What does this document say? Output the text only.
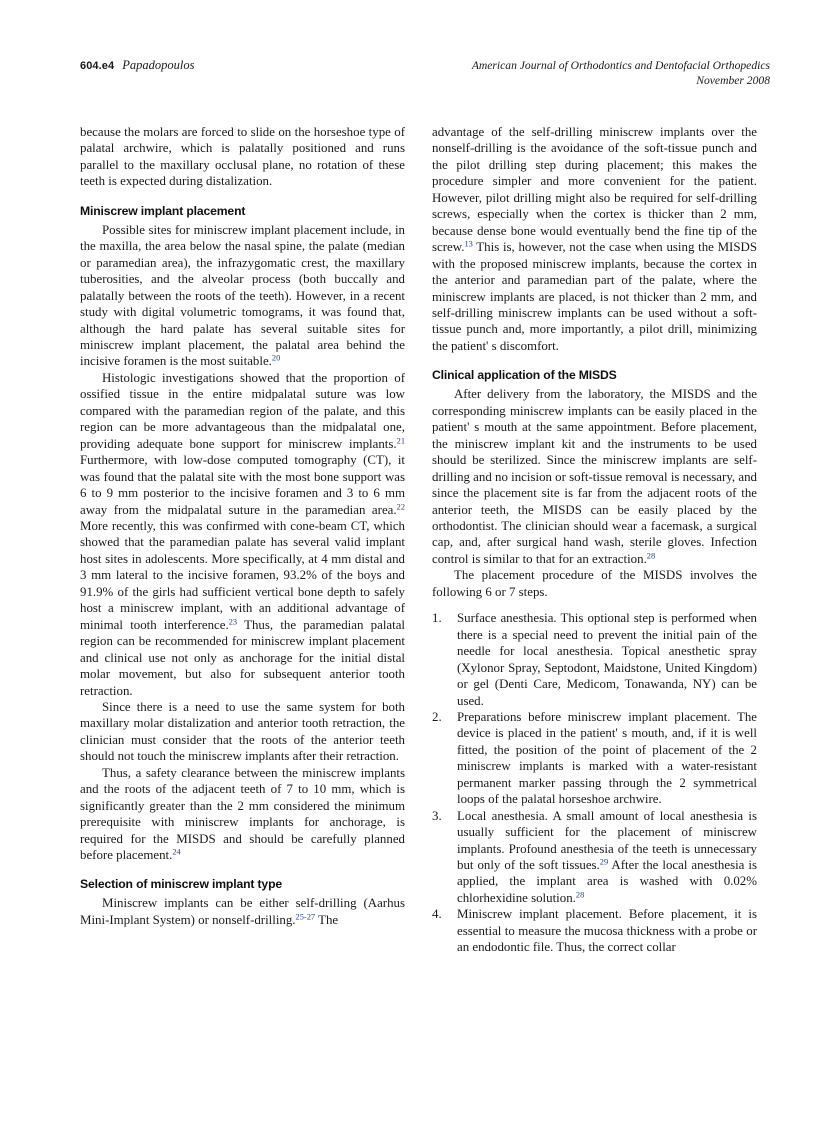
604.e4 Papadopoulos	American Journal of Orthodontics and Dentofacial Orthopedics
November 2008

because the molars are forced to slide on the horseshoe type of palatal archwire, which is palatally positioned and runs parallel to the maxillary occlusal plane, no rotation of these teeth is expected during distalization.

Miniscrew implant placement

Possible sites for miniscrew implant placement include, in the maxilla, the area below the nasal spine, the palate (median or paramedian area), the infrazygomatic crest, the maxillary tuberosities, and the alveolar process (both buccally and palatally between the roots of the teeth). However, in a recent study with digital volumetric tomograms, it was found that, although the hard palate has several suitable sites for miniscrew implant placement, the palatal area behind the incisive foramen is the most suitable.$^{20}$

Histologic investigations showed that the proportion of ossified tissue in the entire midpalatal suture was low compared with the paramedian region of the palate, and this region can be more advantageous than the midpalatal one, providing adequate bone support for miniscrew implants.$^{21}$ Furthermore, with low-dose computed tomography (CT), it was found that the palatal site with the most bone support was 6 to 9 mm posterior to the incisive foramen and 3 to 6 mm away from the midpalatal suture in the paramedian area.$^{22}$ More recently, this was confirmed with cone-beam CT, which showed that the paramedian palate has several valid implant host sites in adolescents. More specifically, at 4 mm distal and 3 mm lateral to the incisive foramen, 93.2% of the boys and 91.9% of the girls had sufficient vertical bone depth to safely host a miniscrew implant, with an additional advantage of minimal tooth interference.$^{23}$ Thus, the paramedian palatal region can be recommended for miniscrew implant placement and clinical use not only as anchorage for the initial distal molar movement, but also for subsequent anterior tooth retraction.

Since there is a need to use the same system for both maxillary molar distalization and anterior tooth retraction, the clinician must consider that the roots of the anterior teeth should not touch the miniscrew implants after their retraction.

Thus, a safety clearance between the miniscrew implants and the roots of the adjacent teeth of 7 to 10 mm, which is significantly greater than the 2 mm considered the minimum prerequisite with miniscrew implants for anchorage, is required for the MISDS and should be carefully planned before placement.$^{24}$

Selection of miniscrew implant type

Miniscrew implants can be either self-drilling (Aarhus Mini-Implant System) or nonself-drilling.$^{25-27}$ The

advantage of the self-drilling miniscrew implants over the nonself-drilling is the avoidance of the soft-tissue punch and the pilot drilling step during placement; this makes the procedure simpler and more convenient for the patient. However, pilot drilling might also be required for self-drilling screws, especially when the cortex is thicker than 2 mm, because dense bone would eventually bend the fine tip of the screw.$^{13}$ This is, however, not the case when using the MISDS with the proposed miniscrew implants, because the cortex in the anterior and paramedian part of the palate, where the miniscrew implants are placed, is not thicker than 2 mm, and self-drilling miniscrew implants can be used without a soft-tissue punch and, more importantly, a pilot drill, minimizing the patient' s discomfort.

Clinical application of the MISDS

After delivery from the laboratory, the MISDS and the corresponding miniscrew implants can be easily placed in the patient' s mouth at the same appointment. Before placement, the miniscrew implant kit and the instruments to be used should be sterilized. Since the miniscrew implants are self-drilling and no incision or soft-tissue removal is necessary, and since the placement site is far from the adjacent roots of the anterior teeth, the MISDS can be easily placed by the orthodontist. The clinician should wear a facemask, a surgical cap, and, after surgical hand wash, sterile gloves. Infection control is similar to that for an extraction.$^{28}$

The placement procedure of the MISDS involves the following 6 or 7 steps.

1.	Surface anesthesia. This optional step is performed when there is a special need to prevent the initial pain of the needle for local anesthesia. Topical anesthetic spray (Xylonor Spray, Septodont, Maidstone, United Kingdom) or gel (Denti Care, Medicom, Tonawanda, NY) can be used.
2.	Preparations before miniscrew implant placement. The device is placed in the patient' s mouth, and, if it is well fitted, the position of the point of placement of the 2 miniscrew implants is marked with a water-resistant permanent marker passing through the 2 symmetrical loops of the palatal horseshoe archwire.
3.	Local anesthesia. A small amount of local anesthesia is usually sufficient for the placement of miniscrew implants. Profound anesthesia of the teeth is unnecessary but only of the soft tissues.$^{29}$ After the local anesthesia is applied, the implant area is washed with 0.02% chlorhexidine solution.$^{28}$
4.	Miniscrew implant placement. Before placement, it is essential to measure the mucosa thickness with a probe or an endodontic file. Thus, the correct collar
